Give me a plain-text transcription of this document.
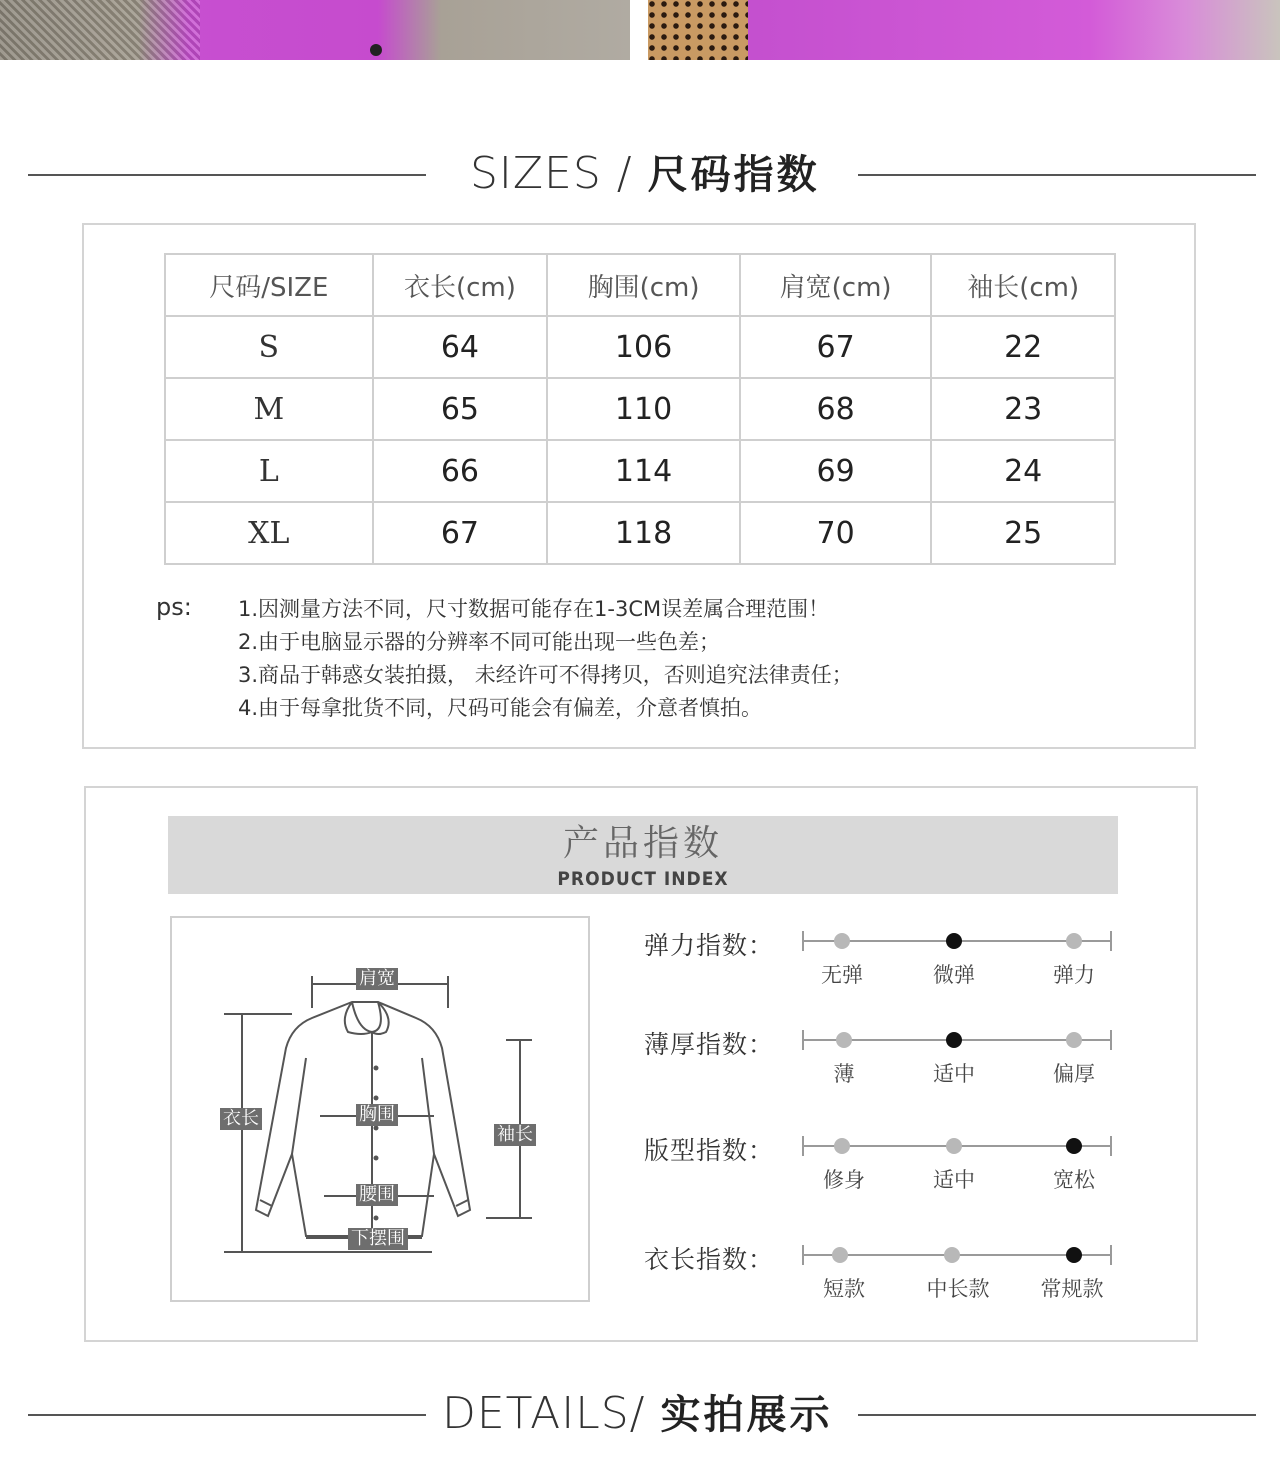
SIZES / 尺码指数
尺码/SIZE	衣长(cm)	胸围(cm)	肩宽(cm)	袖长(cm)
S	64	106	67	22
M	65	110	68	23
L	66	114	69	24
XL	67	118	70	25
ps: 1.因测量方法不同，尺寸数据可能存在1-3CM误差属合理范围！
2.由于电脑显示器的分辨率不同可能出现一些色差；
3.商品于韩惑女装拍摄， 未经许可不得拷贝，否则追究法律责任；
4.由于每拿批货不同，尺码可能会有偏差，介意者慎拍。
产品指数
PRODUCT INDEX
肩宽
衣长	胸围
袖长
腰围
下摆围
弹力指数：
无弹	微弹	弹力
薄厚指数：
薄	适中	偏厚
版型指数：
修身	适中	宽松
衣长指数：
短款	中长款	常规款
DETAILS/ 实拍展示
